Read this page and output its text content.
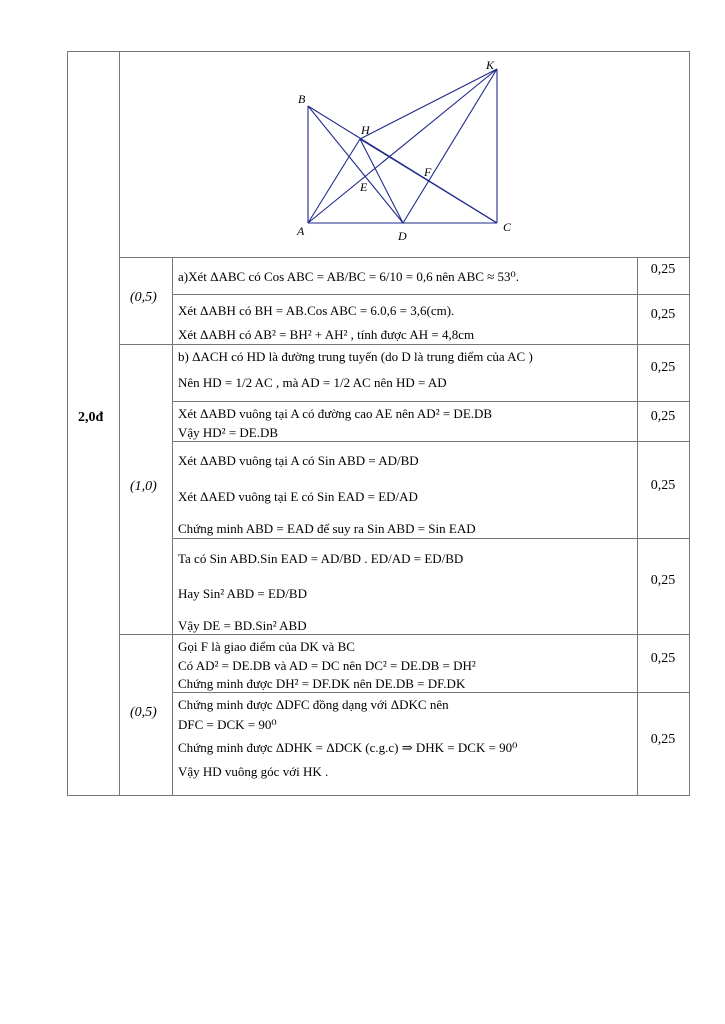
B
K
H
F
E
A	D
C
2,0đ
(0,5)
(1,0)
(0,5)
a)Xét ΔABC có Cos ABC = AB/BC = 6/10 = 0,6 nên ABC ≈ 53⁰.	0,25
Xét ΔABH có BH = AB.Cos ABC = 6.0,6 = 3,6(cm).
Xét ΔABH có AB² = BH² + AH² , tính được AH = 4,8cm
0,25
b) ΔACH có HD là đường trung tuyến (do D là trung điểm của AC )
Nên HD = 1/2 AC , mà AD = 1/2 AC nên HD = AD
0,25
Xét ΔABD vuông tại A có đường cao AE nên AD² = DE.DB
Vậy HD² = DE.DB
0,25
Xét ΔABD vuông tại A có Sin ABD = AD/BD
Xét ΔAED vuông tại E có Sin EAD = ED/AD
Chứng minh ABD = EAD để suy ra Sin ABD = Sin EAD
0,25
Ta có Sin ABD.Sin EAD = AD/BD . ED/AD = ED/BD
Hay Sin² ABD = ED/BD
Vậy DE = BD.Sin² ABD
0,25
Gọi F là giao điểm của DK và BC
Có AD² = DE.DB và AD = DC nên DC² = DE.DB = DH²
Chứng minh được DH² = DF.DK nên DE.DB = DF.DK
0,25
Chứng minh được ΔDFC đồng dạng với ΔDKC nên
DFC = DCK = 90⁰
Chứng minh được ΔDHK = ΔDCK (c.g.c) ⇒ DHK = DCK = 90⁰
Vậy HD vuông góc với HK .
0,25
